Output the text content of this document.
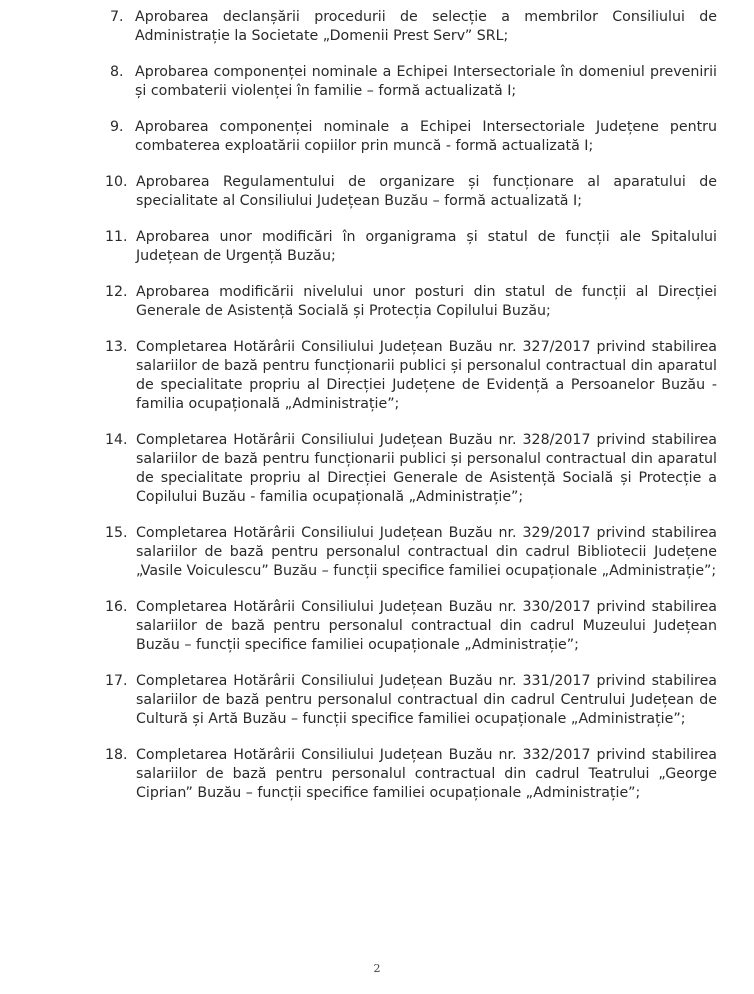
7. Aprobarea declanșării procedurii de selecție a membrilor Consiliului de Administrație la Societate „Domenii Prest Serv” SRL;
8. Aprobarea componenței nominale a Echipei Intersectoriale în domeniul prevenirii și combaterii violenței în familie – formă actualizată I;
9. Aprobarea componenței nominale a Echipei Intersectoriale Județene pentru combaterea exploatării copiilor prin muncă - formă actualizată I;
10. Aprobarea Regulamentului de organizare și funcționare al aparatului de specialitate al Consiliului Județean Buzău – formă actualizată I;
11. Aprobarea unor modificări în organigrama și statul de funcții ale Spitalului Județean de Urgență Buzău;
12. Aprobarea modificării nivelului unor posturi din statul de funcții al Direcției Generale de Asistență Socială și Protecția Copilului Buzău;
13. Completarea Hotărârii Consiliului Județean Buzău nr. 327/2017 privind stabilirea salariilor de bază pentru funcționarii publici și personalul contractual din aparatul de specialitate propriu al Direcției Județene de Evidență a Persoanelor Buzău - familia ocupațională „Administrație”;
14. Completarea Hotărârii Consiliului Județean Buzău nr. 328/2017 privind stabilirea salariilor de bază pentru funcționarii publici și personalul contractual din aparatul de specialitate propriu al Direcției Generale de Asistență Socială și Protecție a Copilului Buzău - familia ocupațională „Administrație”;
15. Completarea Hotărârii Consiliului Județean Buzău nr. 329/2017 privind stabilirea salariilor de bază pentru personalul contractual din cadrul Bibliotecii Județene „Vasile Voiculescu” Buzău – funcții specifice familiei ocupaționale „Administrație”;
16. Completarea Hotărârii Consiliului Județean Buzău nr. 330/2017 privind stabilirea salariilor de bază pentru personalul contractual din cadrul Muzeului Județean Buzău – funcții specifice familiei ocupaționale „Administrație”;
17. Completarea Hotărârii Consiliului Județean Buzău nr. 331/2017 privind stabilirea salariilor de bază pentru personalul contractual din cadrul Centrului Județean de Cultură și Artă Buzău – funcții specifice familiei ocupaționale „Administrație”;
18. Completarea Hotărârii Consiliului Județean Buzău nr. 332/2017 privind stabilirea salariilor de bază pentru personalul contractual din cadrul Teatrului „George Ciprian” Buzău – funcții specifice familiei ocupaționale „Administrație”;
2
